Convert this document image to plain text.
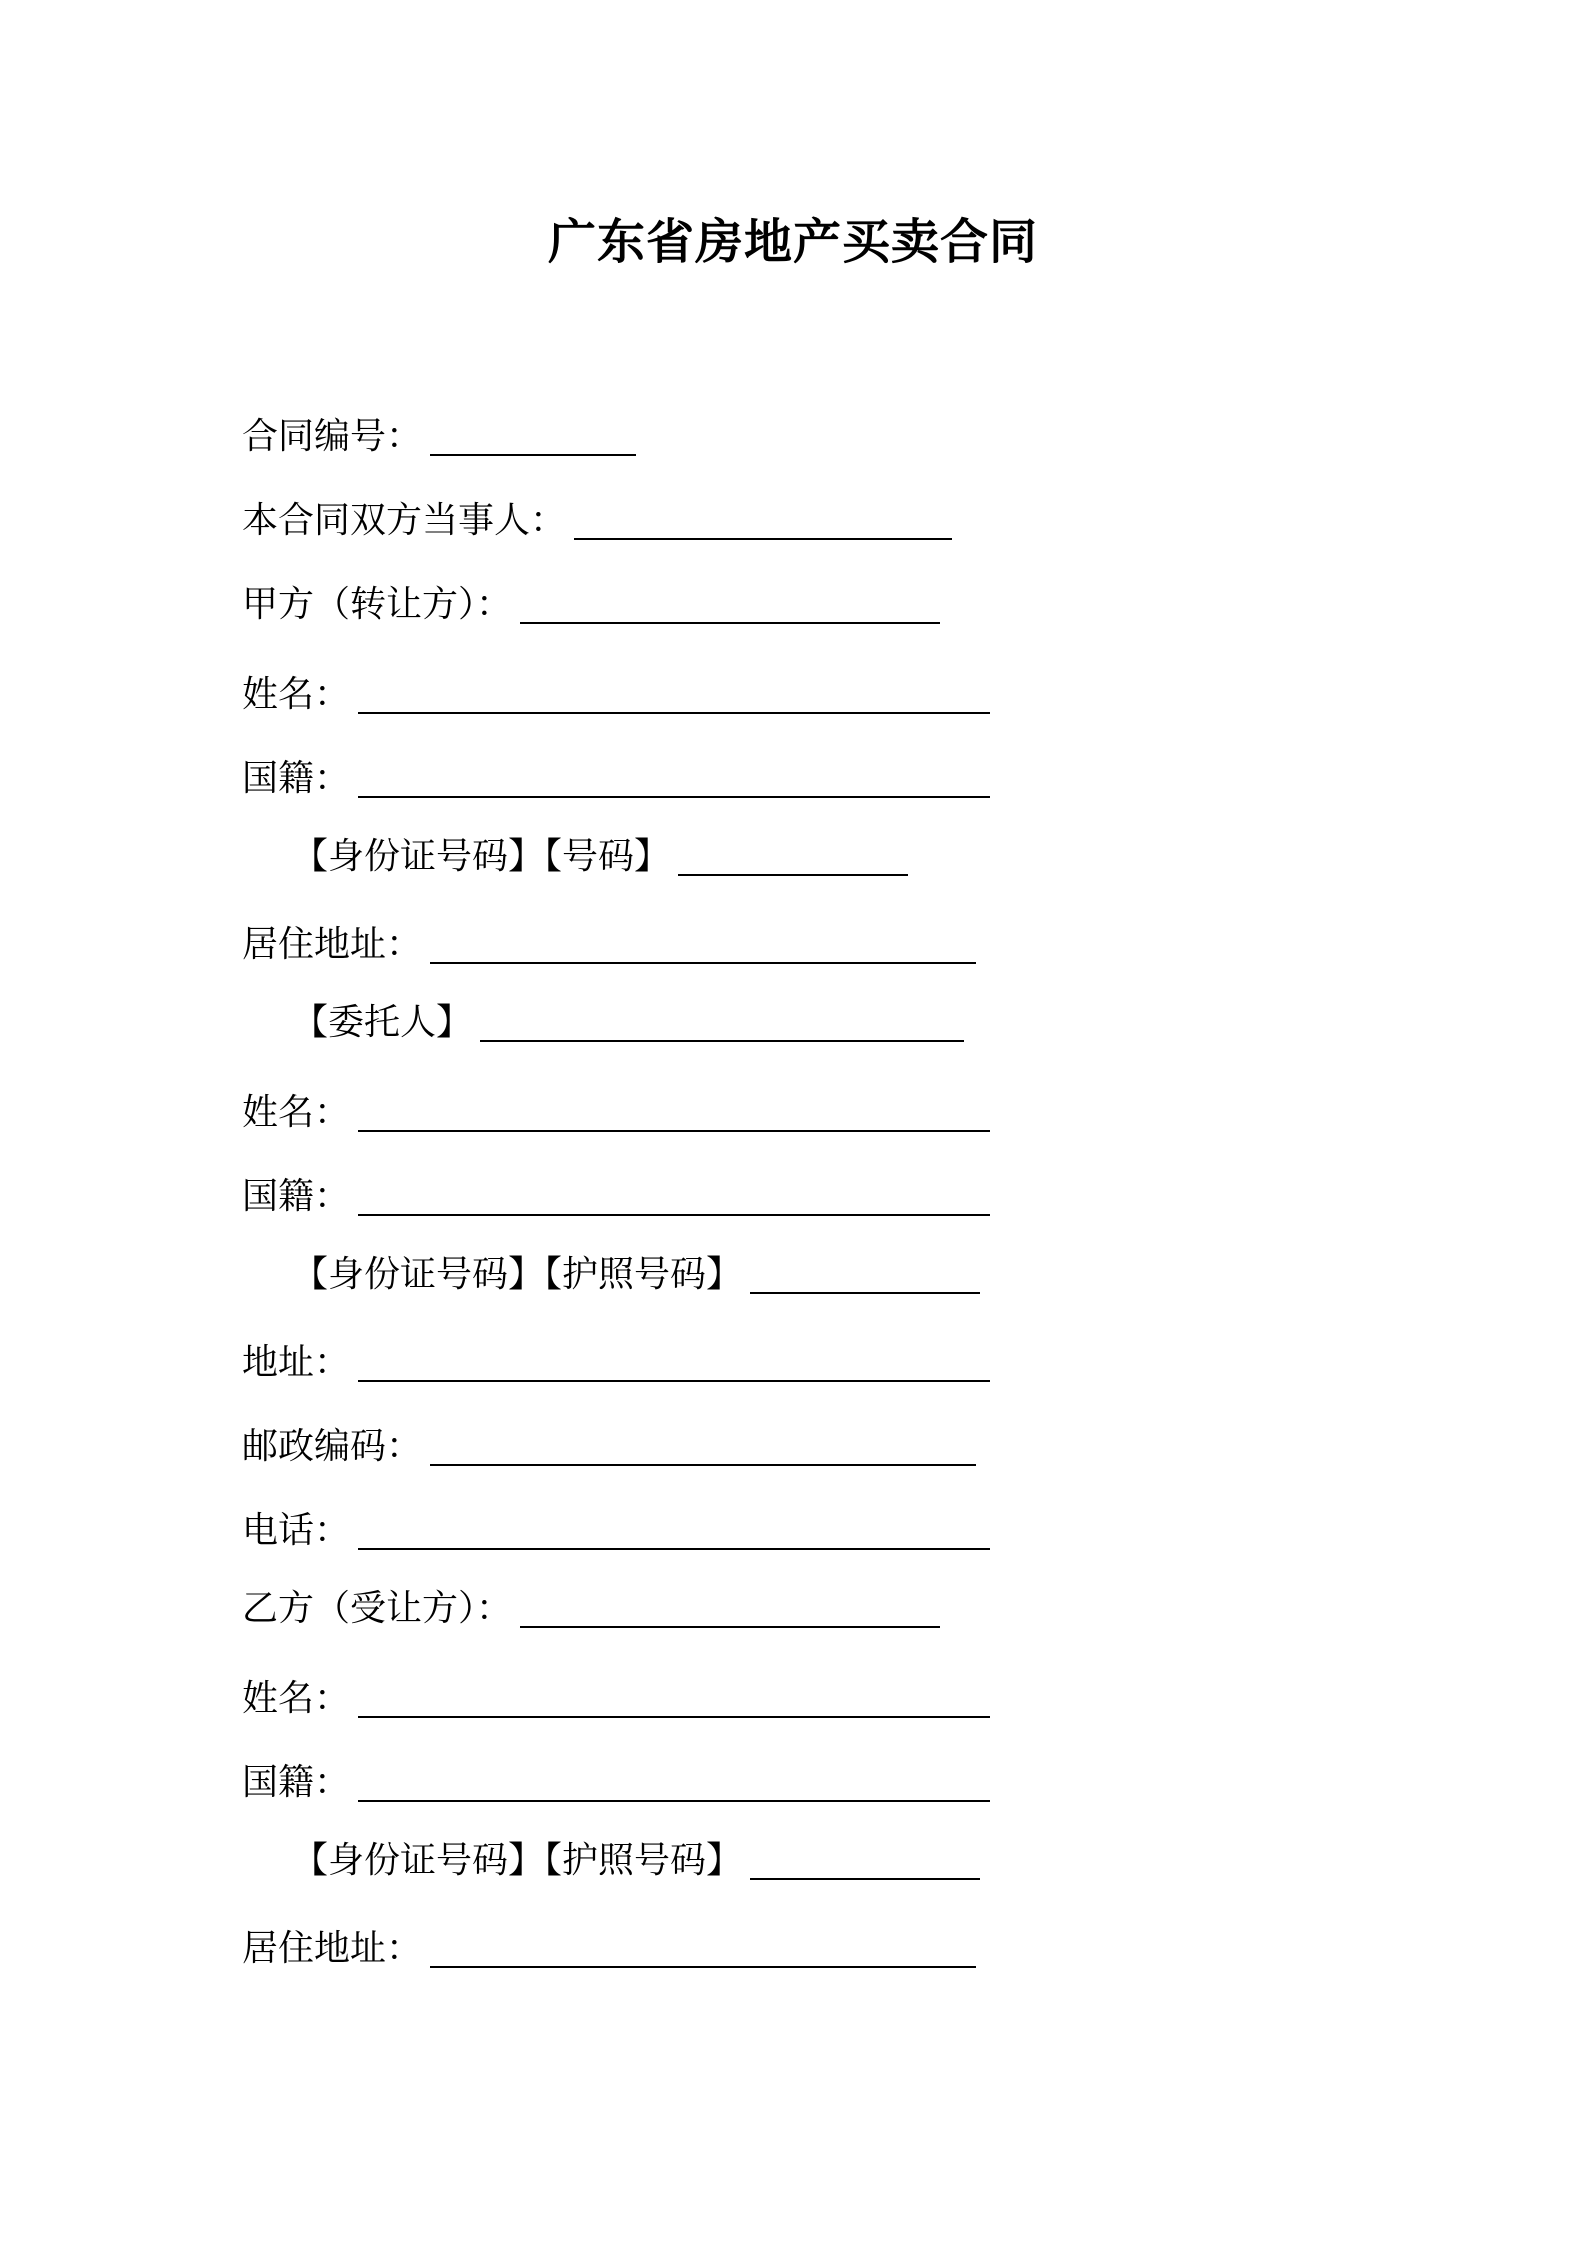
广东省房地产买卖合同
合同编号：
本合同双方当事人：
甲方（转让方）：
姓名：
国籍：
【身份证号码】【号码】
居住地址：
【委托人】
姓名：
国籍：
【身份证号码】【护照号码】
地址：
邮政编码：
电话：
乙方（受让方）：
姓名：
国籍：
【身份证号码】【护照号码】
居住地址：
